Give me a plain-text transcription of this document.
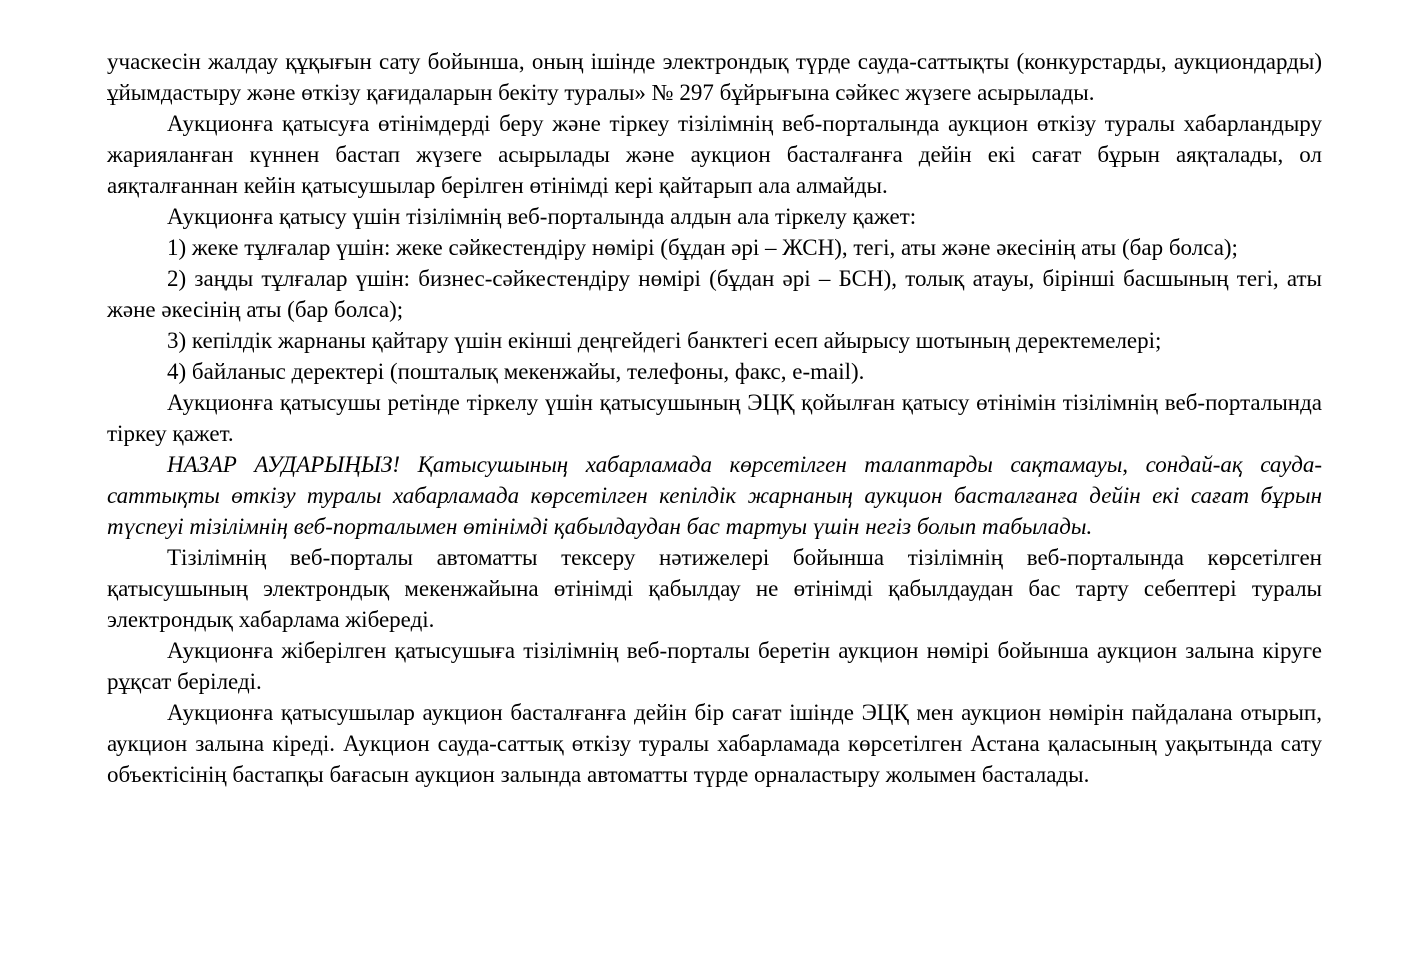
учаскесін жалдау құқығын сату бойынша, оның ішінде электрондық түрде сауда-саттықты (конкурстарды, аукциондарды) ұйымдастыру және өткізу қағидаларын бекіту туралы» № 297 бұйрығына сәйкес жүзеге асырылады.

Аукционға қатысуға өтінімдерді беру және тіркеу тізілімнің веб-порталында аукцион өткізу туралы хабарландыру жарияланған күннен бастап жүзеге асырылады және аукцион басталғанға дейін екі сағат бұрын аяқталады, ол аяқталғаннан кейін қатысушылар берілген өтінімді кері қайтарып ала алмайды.

Аукционға қатысу үшін тізілімнің веб-порталында алдын ала тіркелу қажет:

1) жеке тұлғалар үшін: жеке сәйкестендіру нөмірі (бұдан әрі – ЖСН), тегі, аты және әкесінің аты (бар болса);

2) заңды тұлғалар үшін: бизнес-сәйкестендіру нөмірі (бұдан әрі – БСН), толық атауы, бірінші басшының тегі, аты және әкесінің аты (бар болса);

3) кепілдік жарнаны қайтару үшін екінші деңгейдегі банктегі есеп айырысу шотының деректемелері;

4) байланыс деректері (пошталық мекенжайы, телефоны, факс, e-mail).

Аукционға қатысушы ретінде тіркелу үшін қатысушының ЭЦҚ қойылған қатысу өтінімін тізілімнің веб-порталында тіркеу қажет.

НАЗАР АУДАРЫҢЫЗ! Қатысушының хабарламада көрсетілген талаптарды сақтамауы, сондай-ақ сауда-саттықты өткізу туралы хабарламада көрсетілген кепілдік жарнаның аукцион басталғанға дейін екі сағат бұрын түспеуі тізілімнің веб-порталымен өтінімді қабылдаудан бас тартуы үшін негіз болып табылады.

Тізілімнің веб-порталы автоматты тексеру нәтижелері бойынша тізілімнің веб-порталында көрсетілген қатысушының электрондық мекенжайына өтінімді қабылдау не өтінімді қабылдаудан бас тарту себептері туралы электрондық хабарлама жібереді.

Аукционға жіберілген қатысушыға тізілімнің веб-порталы беретін аукцион нөмірі бойынша аукцион залына кіруге рұқсат беріледі.

Аукционға қатысушылар аукцион басталғанға дейін бір сағат ішінде ЭЦҚ мен аукцион нөмірін пайдалана отырып, аукцион залына кіреді. Аукцион сауда-саттық өткізу туралы хабарламада көрсетілген Астана қаласының уақытында сату объектісінің бастапқы бағасын аукцион залында автоматты түрде орналастыру жолымен басталады.
